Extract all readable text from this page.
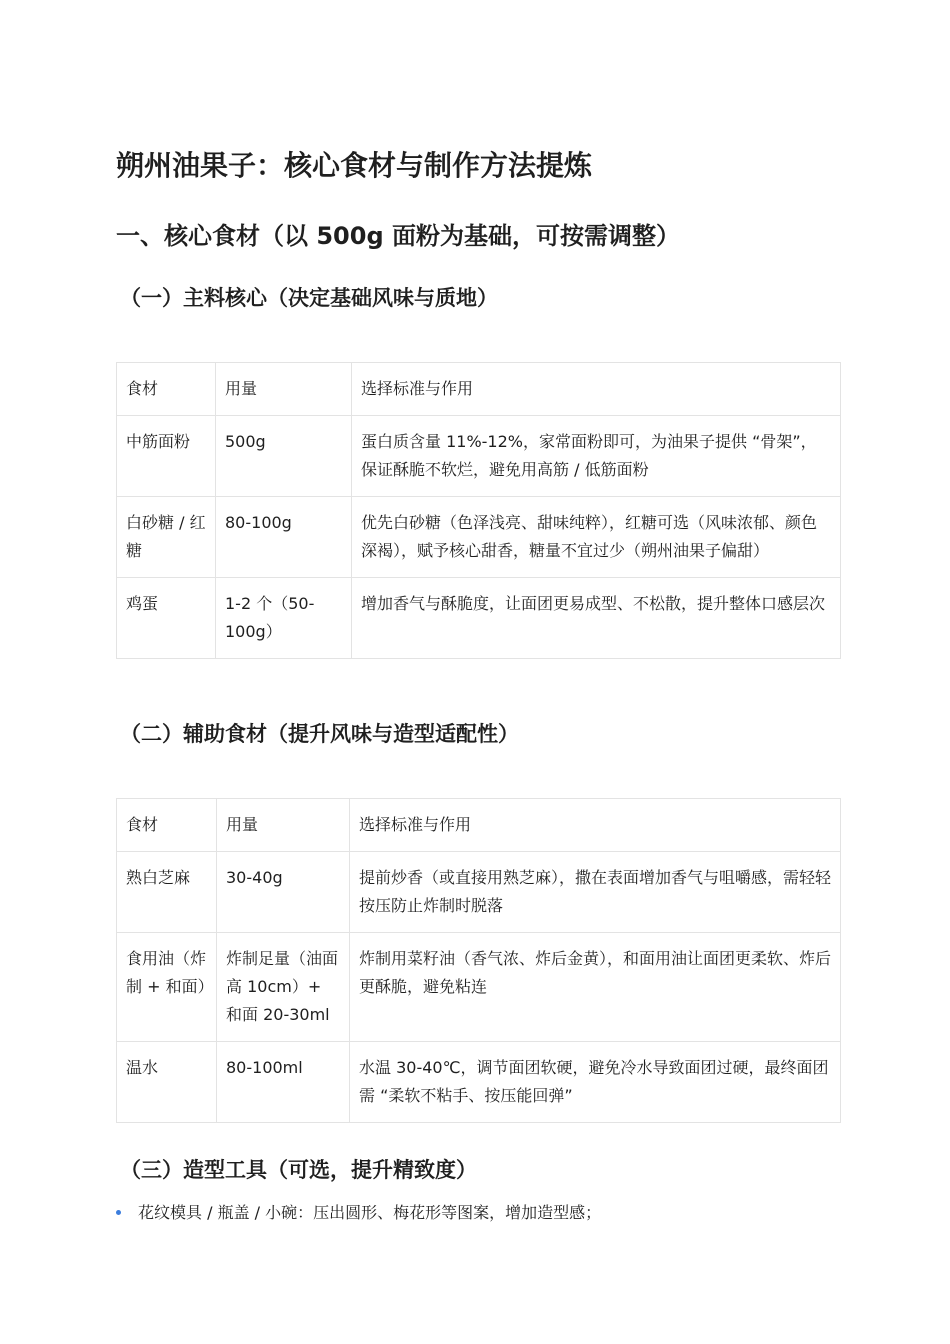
朔州油果子：核心食材与制作方法提炼
一、核心食材（以 500g 面粉为基础，可按需调整）
（一）主料核心（决定基础风味与质地）
食材	用量	选择标准与作用
中筋面粉	500g	蛋白质含量 11%-12%，家常面粉即可，为油果子提供 “骨架”，保证酥脆不软烂，避免用高筋 / 低筋面粉
白砂糖 / 红糖	80-100g	优先白砂糖（色泽浅亮、甜味纯粹），红糖可选（风味浓郁、颜色深褐），赋予核心甜香，糖量不宜过少（朔州油果子偏甜）
鸡蛋	1-2 个（50-100g）	增加香气与酥脆度，让面团更易成型、不松散，提升整体口感层次
（二）辅助食材（提升风味与造型适配性）
食材	用量	选择标准与作用
熟白芝麻	30-40g	提前炒香（或直接用熟芝麻），撒在表面增加香气与咀嚼感，需轻轻按压防止炸制时脱落
食用油（炸制 + 和面）	炸制足量（油面高 10cm）+ 和面 20-30ml	炸制用菜籽油（香气浓、炸后金黄），和面用油让面团更柔软、炸后更酥脆，避免粘连
温水	80-100ml	水温 30-40℃，调节面团软硬，避免冷水导致面团过硬，最终面团需 “柔软不粘手、按压能回弹”
（三）造型工具（可选，提升精致度）
花纹模具 / 瓶盖 / 小碗：压出圆形、梅花形等图案，增加造型感；
